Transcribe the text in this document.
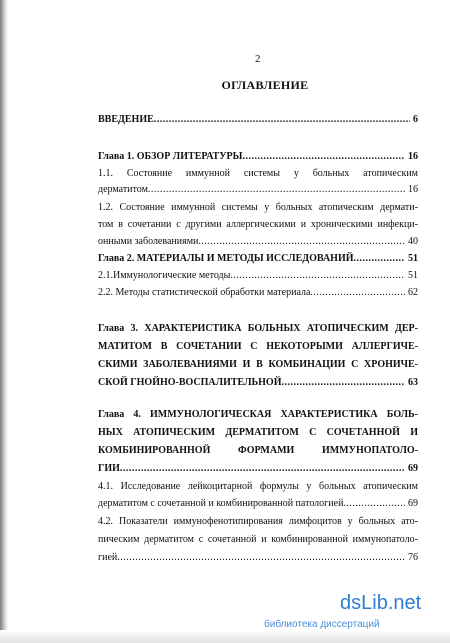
2
ОГЛАВЛЕНИЕ
ВВЕДЕНИЕ .....	6
Глава 1. ОБЗОР ЛИТЕРАТУРЫ .....	16
1.1. Состояние иммунной системы у больных атопическим
дерматитом .....	16
1.2. Состояние иммунной системы у больных атопическим дермати-
том в сочетании с другими аллергическими и хроническими инфекци-
онными заболеваниями .....	40
Глава 2. МАТЕРИАЛЫ И МЕТОДЫ ИССЛЕДОВАНИЙ .....	51
2.1.Иммунологические методы .....	51
2.2. Методы статистической обработки материала .....	62
Глава 3. ХАРАКТЕРИСТИКА БОЛЬНЫХ АТОПИЧЕСКИМ ДЕР-
МАТИТОМ В СОЧЕТАНИИ С НЕКОТОРЫМИ АЛЛЕРГИЧЕ-
СКИМИ ЗАБОЛЕВАНИЯМИ И В КОМБИНАЦИИ С ХРОНИЧЕ-
СКОЙ ГНОЙНО-ВОСПАЛИТЕЛЬНОЙ .....	63
Глава 4. ИММУНОЛОГИЧЕСКАЯ ХАРАКТЕРИСТИКА БОЛЬ-
НЫХ АТОПИЧЕСКИМ ДЕРМАТИТОМ С СОЧЕТАННОЙ И
КОМБИНИРОВАННОЙ ФОРМАМИ ИММУНОПАТОЛО-
ГИИ .....	69
4.1. Исследование лейкоцитарной формулы у больных атопическим
дерматитом с сочетанной и комбинированной патологией .....	69
4.2. Показатели иммунофенотипирования лимфоцитов у больных ато-
пическим дерматитом с сочетанной и комбинированной иммунопатоло-
гией .....	76
dsLib.net
библиотека диссертаций
